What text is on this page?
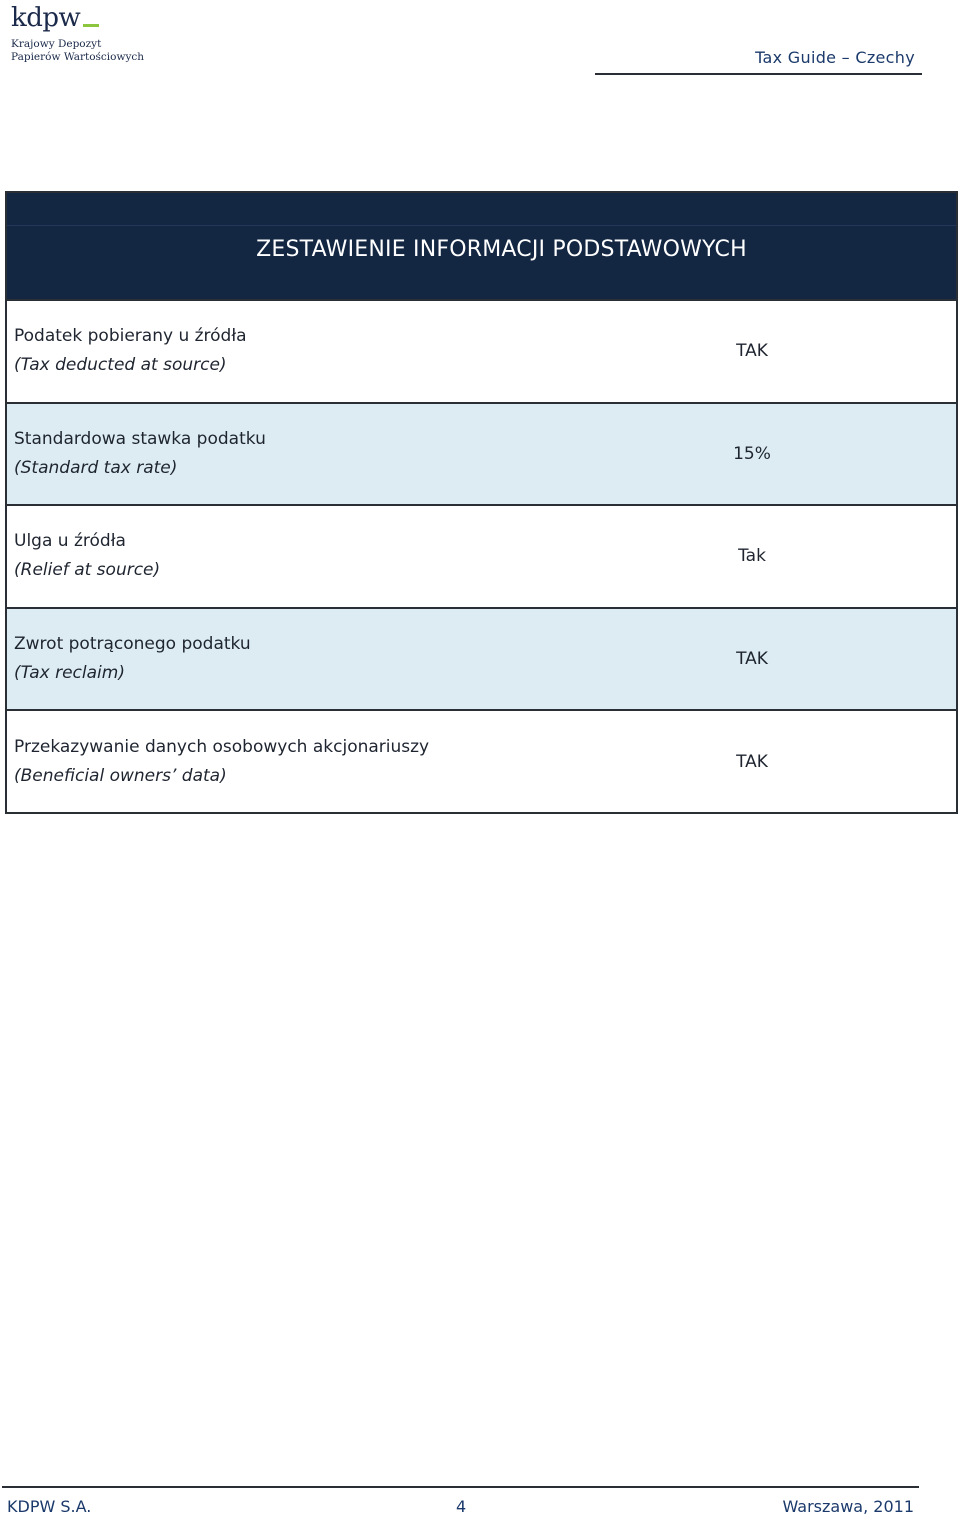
kdpw
Krajowy Depozyt
Papierów Wartościowych	Tax Guide – Czechy
ZESTAWIENIE INFORMACJI PODSTAWOWYCH
Podatek pobierany u źródła
(Tax deducted at source)
TAK
Standardowa stawka podatku
(Standard tax rate)
15%
Ulga u źródła
(Relief at source)
Tak
Zwrot potrąconego podatku
(Tax reclaim)
TAK
Przekazywanie danych osobowych akcjonariuszy
(Beneficial owners’ data)
TAK
KDPW S.A.	4	Warszawa, 2011
